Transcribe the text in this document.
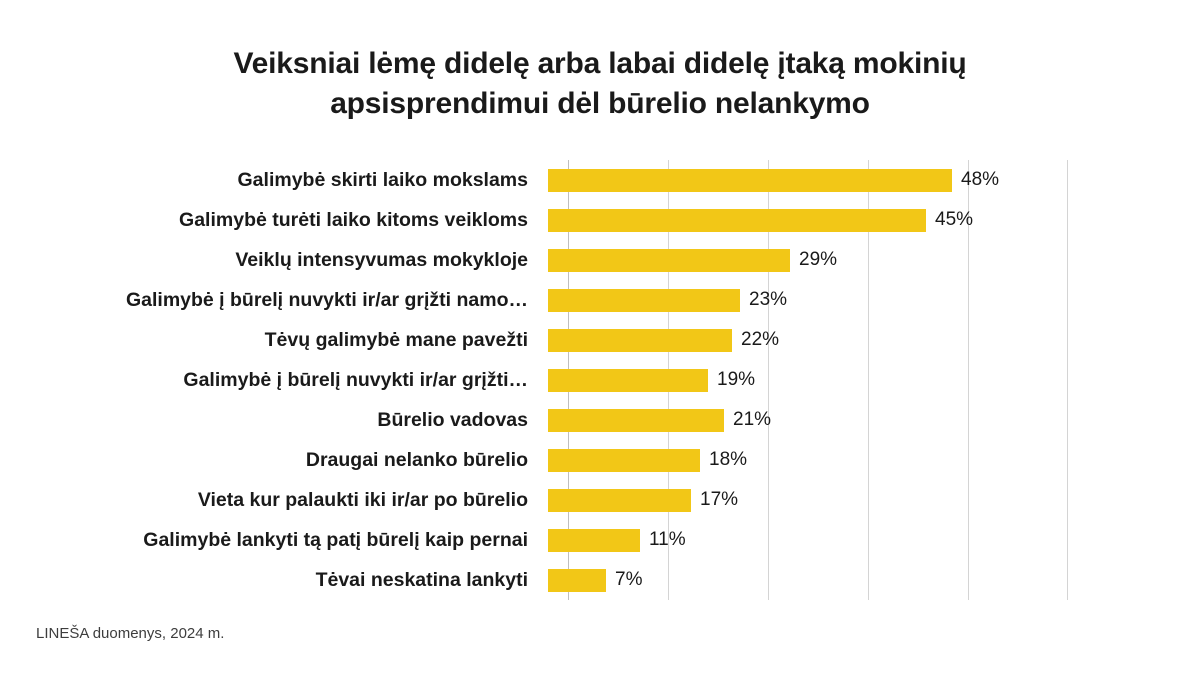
Veiksniai lėmę didelę arba labai didelę įtaką mokinių
apsisprendimui dėl būrelio nelankymo
Galimybė skirti laiko mokslams	48%
Galimybė turėti laiko kitoms veikloms	45%
Veiklų intensyvumas mokykloje	29%
Galimybė į būrelį nuvykti ir/ar grįžti namo…	23%
Tėvų galimybė mane pavežti	22%
Galimybė į būrelį nuvykti ir/ar grįžti…	19%
Būrelio vadovas	21%
Draugai nelanko būrelio	18%
Vieta kur palaukti iki ir/ar po būrelio	17%
Galimybė lankyti tą patį būrelį kaip pernai	11%
Tėvai neskatina lankyti	7%
LINEŠA duomenys, 2024 m.
